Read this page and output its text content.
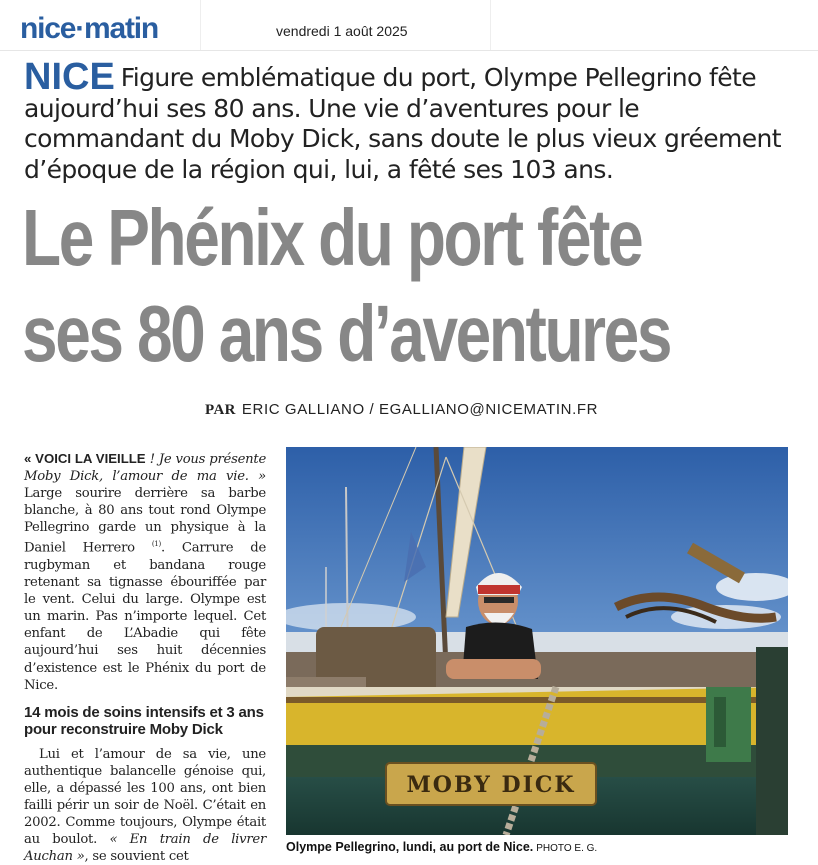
nice·matin	vendredi 1 août 2025
NICE Figure emblématique du port, Olympe Pellegrino fête aujourd’hui ses 80 ans. Une vie d’aventures pour le commandant du Moby Dick, sans doute le plus vieux gréement d’époque de la région qui, lui, a fêté ses 103 ans.
Le Phénix du port fête
ses 80 ans d’aventures
PAR ERIC GALLIANO / EGALLIANO@NICEMATIN.FR

« VOICI LA VIEILLE ! Je vous présente Moby Dick, l’amour de ma vie. » Large sourire derrière sa barbe blanche, à 80 ans tout rond Olympe Pellegrino garde un physique à la Daniel Herrero $^{(1)}$. Carrure de rugbyman et bandana rouge retenant sa tignasse ébouriffée par le vent. Celui du large. Olympe est un marin. Pas n’importe lequel. Cet enfant de L’Abadie qui fête aujourd’hui ses huit décennies d’existence est le Phénix du port de Nice.

14 mois de soins intensifs et 3 ans pour reconstruire Moby Dick

Lui et l’amour de sa vie, une authentique balancelle génoise qui, elle, a dépassé les 100 ans, ont bien failli périr un soir de Noël. C’était en 2002. Comme toujours, Olympe était au boulot. « En train de livrer Auchan », se souvient cet

MOBY DICK
Olympe Pellegrino, lundi, au port de Nice. PHOTO E. G.
